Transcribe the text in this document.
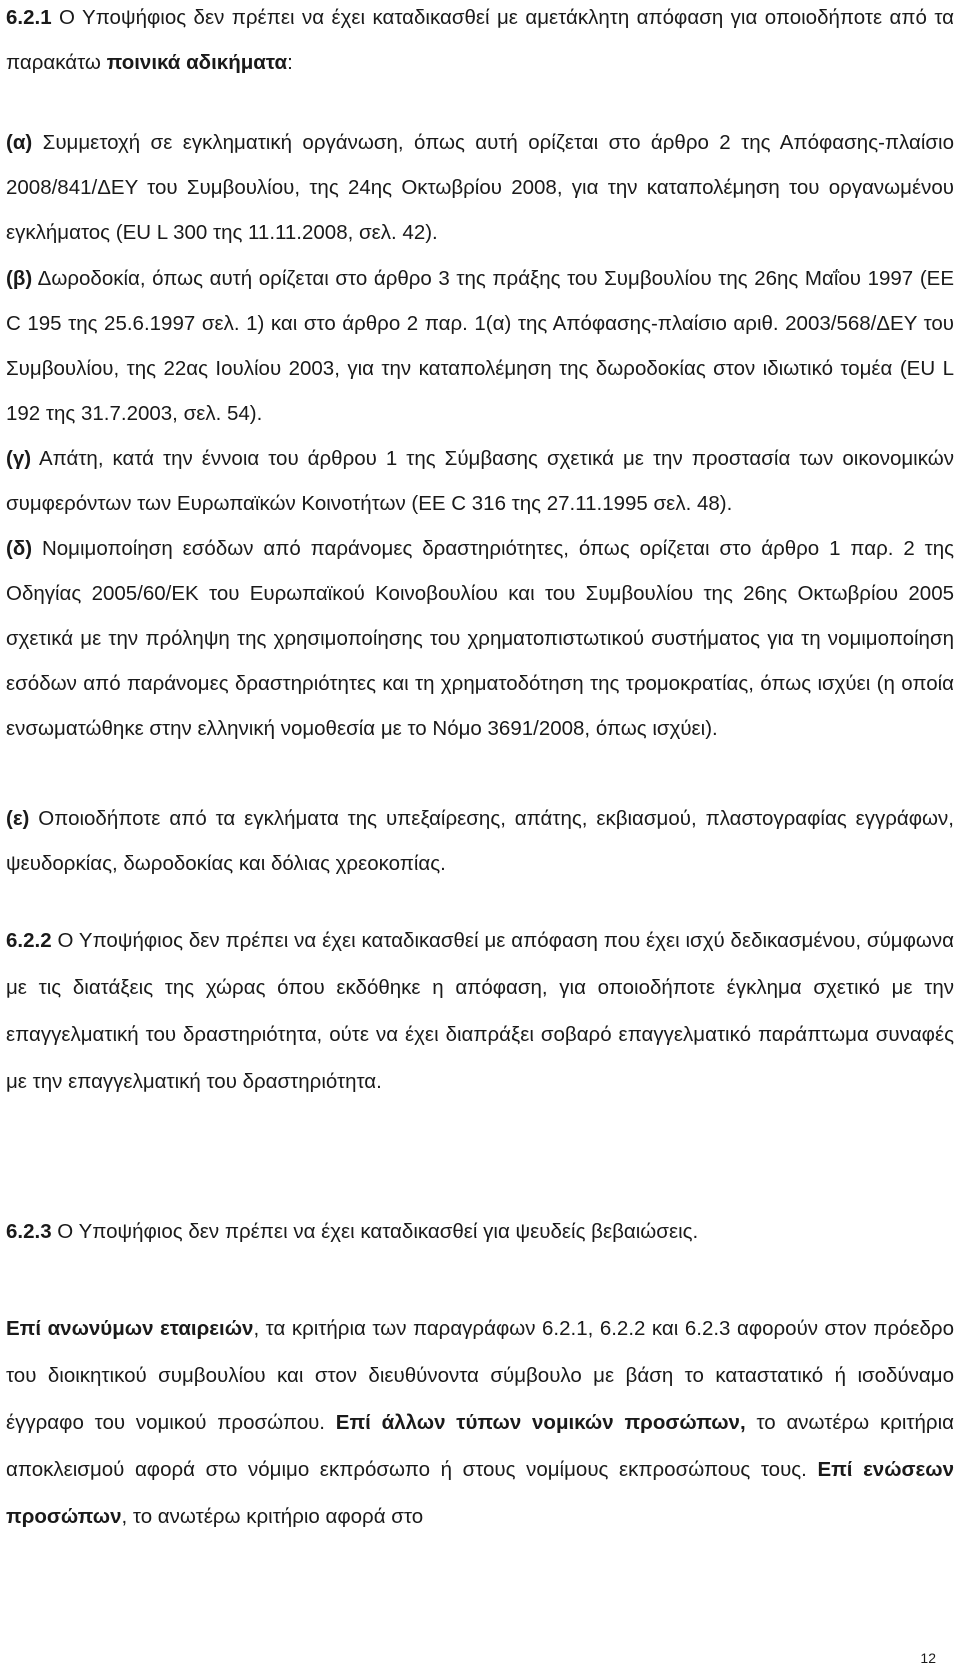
6.2.1 Ο Υποψήφιος δεν πρέπει να έχει καταδικασθεί με αμετάκλητη απόφαση για οποιοδήποτε από τα παρακάτω ποινικά αδικήματα:
(α) Συμμετοχή σε εγκληματική οργάνωση, όπως αυτή ορίζεται στο άρθρο 2 της Απόφασης-πλαίσιο 2008/841/ΔΕΥ του Συμβουλίου, της 24ης Οκτωβρίου 2008, για την καταπολέμηση του οργανωμένου εγκλήματος (EU L 300 της 11.11.2008, σελ. 42).
(β) Δωροδοκία, όπως αυτή ορίζεται στο άρθρο 3 της πράξης του Συμβουλίου της 26ης Μαΐου 1997 (ΕΕ C 195 της 25.6.1997 σελ. 1) και στο άρθρο 2 παρ. 1(α) της Απόφασης-πλαίσιο αριθ. 2003/568/ΔΕΥ του Συμβουλίου, της 22ας Ιουλίου 2003, για την καταπολέμηση της δωροδοκίας στον ιδιωτικό τομέα (EU L 192 της 31.7.2003, σελ. 54).
(γ) Απάτη, κατά την έννοια του άρθρου 1 της Σύμβασης σχετικά με την προστασία των οικονομικών συμφερόντων των Ευρωπαϊκών Κοινοτήτων (ΕΕ C 316 της 27.11.1995 σελ. 48).
(δ) Νομιμοποίηση εσόδων από παράνομες δραστηριότητες, όπως ορίζεται στο άρθρο 1 παρ. 2 της Οδηγίας 2005/60/ΕΚ του Ευρωπαϊκού Κοινοβουλίου και του Συμβουλίου της 26ης Οκτωβρίου 2005 σχετικά με την πρόληψη της χρησιμοποίησης του χρηματοπιστωτικού συστήματος για τη νομιμοποίηση εσόδων από παράνομες δραστηριότητες και τη χρηματοδότηση της τρομοκρατίας, όπως ισχύει (η οποία ενσωματώθηκε στην ελληνική νομοθεσία με το Νόμο 3691/2008, όπως ισχύει).
(ε) Οποιοδήποτε από τα εγκλήματα της υπεξαίρεσης, απάτης, εκβιασμού, πλαστογραφίας εγγράφων, ψευδορκίας, δωροδοκίας και δόλιας χρεοκοπίας.
6.2.2 Ο Υποψήφιος δεν πρέπει να έχει καταδικασθεί με απόφαση που έχει ισχύ δεδικασμένου, σύμφωνα με τις διατάξεις της χώρας όπου εκδόθηκε η απόφαση, για οποιοδήποτε έγκλημα σχετικό με την επαγγελματική του δραστηριότητα, ούτε να έχει διαπράξει σοβαρό επαγγελματικό παράπτωμα συναφές με την επαγγελματική του δραστηριότητα.
6.2.3 Ο Υποψήφιος δεν πρέπει να έχει καταδικασθεί για ψευδείς βεβαιώσεις.
Επί ανωνύμων εταιρειών, τα κριτήρια των παραγράφων 6.2.1, 6.2.2 και 6.2.3 αφορούν στον πρόεδρο του διοικητικού συμβουλίου και στον διευθύνοντα σύμβουλο με βάση το καταστατικό ή ισοδύναμο έγγραφο του νομικού προσώπου. Επί άλλων τύπων νομικών προσώπων, το ανωτέρω κριτήρια αποκλεισμού αφορά στο νόμιμο εκπρόσωπο ή στους νομίμους εκπροσώπους τους. Επί ενώσεων προσώπων, το ανωτέρω κριτήριο αφορά στο
12
